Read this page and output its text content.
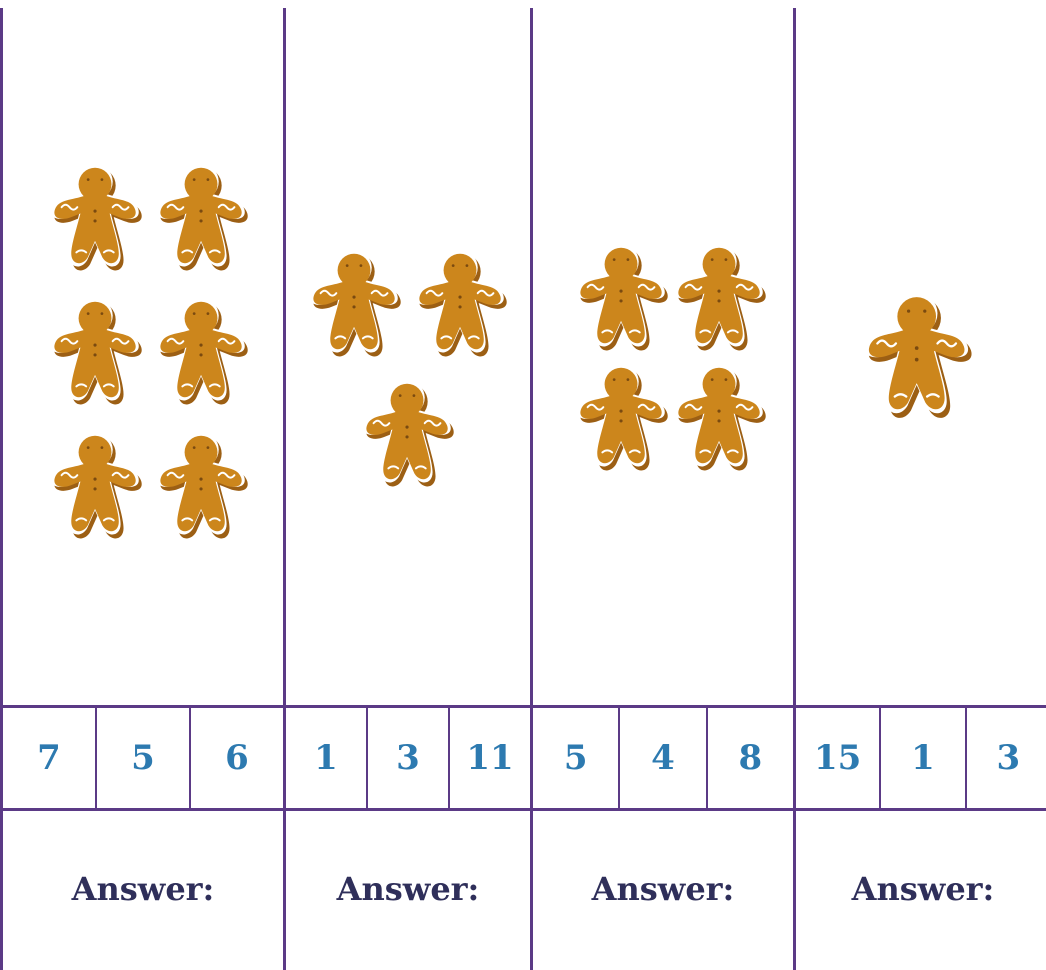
7	5	6
Answer:
1	3	11
Answer:
5	4	8
Answer:
15	1	3
Answer:
